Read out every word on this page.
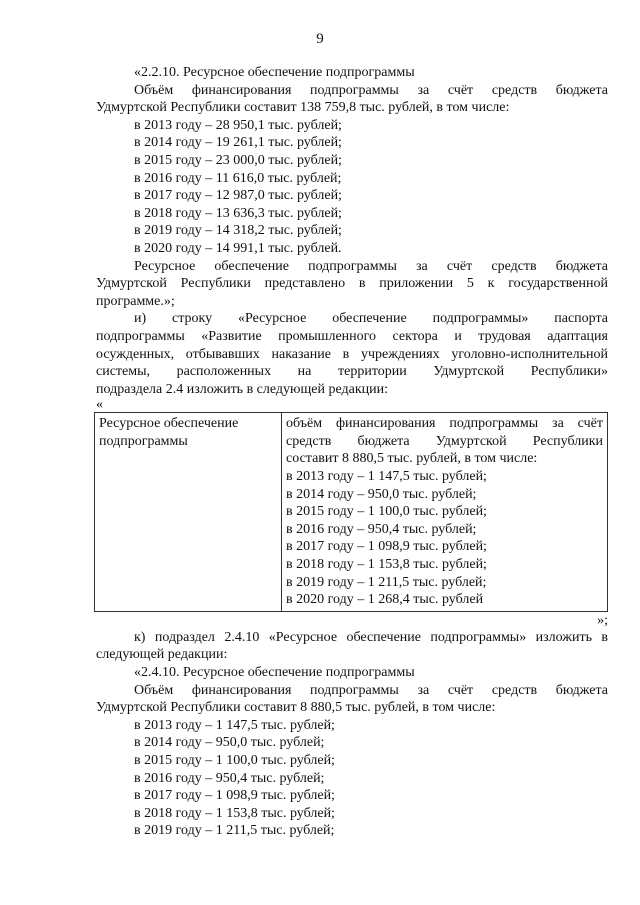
9

«2.2.10. Ресурсное обеспечение подпрограммы

Объём финансирования подпрограммы за счёт средств бюджета

Удмуртской Республики составит 138 759,8 тыс. рублей, в том числе:

в 2013 году – 28 950,1 тыс. рублей;

в 2014 году – 19 261,1 тыс. рублей;

в 2015 году – 23 000,0 тыс. рублей;

в 2016 году – 11 616,0 тыс. рублей;

в 2017 году – 12 987,0 тыс. рублей;

в 2018 году – 13 636,3 тыс. рублей;

в 2019 году – 14 318,2 тыс. рублей;

в 2020 году – 14 991,1 тыс. рублей.

Ресурсное обеспечение подпрограммы за счёт средств бюджета

Удмуртской Республики представлено в приложении 5 к государственной

программе.»;

и) строку «Ресурсное обеспечение подпрограммы» паспорта

подпрограммы «Развитие промышленного сектора и трудовая адаптация

осужденных, отбывавших наказание в учреждениях уголовно-исполнительной

системы, расположенных на территории Удмуртской Республики»

подраздела 2.4 изложить в следующей редакции:

«

Ресурсное обеспечение
подпрограммы

объём финансирования подпрограммы за счёт
средств бюджета Удмуртской Республики
составит 8 880,5 тыс. рублей, в том числе:
в 2013 году – 1 147,5 тыс. рублей;
в 2014 году – 950,0 тыс. рублей;
в 2015 году – 1 100,0 тыс. рублей;
в 2016 году – 950,4 тыс. рублей;
в 2017 году – 1 098,9 тыс. рублей;
в 2018 году – 1 153,8 тыс. рублей;
в 2019 году – 1 211,5 тыс. рублей;
в 2020 году – 1 268,4 тыс. рублей

»;

к) подраздел 2.4.10 «Ресурсное обеспечение подпрограммы» изложить в

следующей редакции:

«2.4.10. Ресурсное обеспечение подпрограммы

Объём финансирования подпрограммы за счёт средств бюджета

Удмуртской Республики составит 8 880,5 тыс. рублей, в том числе:

в 2013 году – 1 147,5 тыс. рублей;

в 2014 году – 950,0 тыс. рублей;

в 2015 году – 1 100,0 тыс. рублей;

в 2016 году – 950,4 тыс. рублей;

в 2017 году – 1 098,9 тыс. рублей;

в 2018 году – 1 153,8 тыс. рублей;

в 2019 году – 1 211,5 тыс. рублей;
